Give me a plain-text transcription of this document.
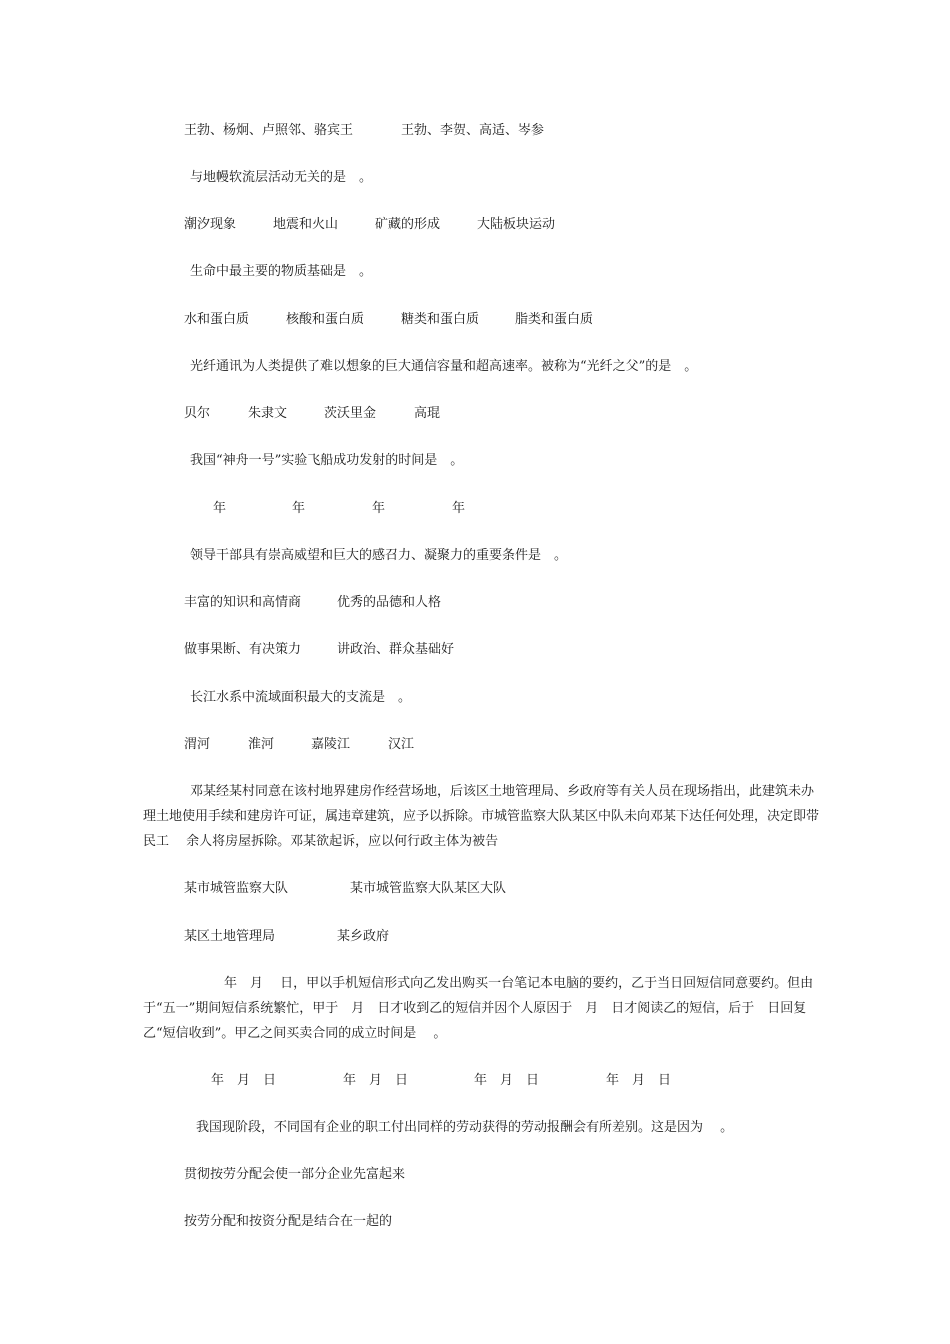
王勃、杨炯、卢照邻、骆宾王	王勃、李贺、高适、岑参
与地幔软流层活动无关的是　。
潮汐现象	地震和火山	矿藏的形成	大陆板块运动
生命中最主要的物质基础是　。
水和蛋白质	核酸和蛋白质	糖类和蛋白质	脂类和蛋白质
光纤通讯为人类提供了难以想象的巨大通信容量和超高速率。被称为“光纤之父”的是　。
贝尔	朱隶文	茨沃里金	高琨
我国“神舟一号”实验飞船成功发射的时间是　。
年	年	年	年
领导干部具有崇高威望和巨大的感召力、凝聚力的重要条件是　。
丰富的知识和高情商	优秀的品德和人格
做事果断、有决策力	讲政治、群众基础好
长江水系中流域面积最大的支流是　。
渭河	淮河	嘉陵江	汉江
邓某经某村同意在该村地界建房作经营场地，后该区土地管理局、乡政府等有关人员在现场指出，此建筑未办
理土地使用手续和建房许可证，属违章建筑，应予以拆除。市城管监察大队某区中队未向邓某下达任何处理，决定即带
民工　 余人将房屋拆除。邓某欲起诉，应以何行政主体为被告
某市城管监察大队	某市城管监察大队某区大队
某区土地管理局	某乡政府
年　月　 日，甲以手机短信形式向乙发出购买一台笔记本电脑的要约，乙于当日回短信同意要约。但由
于“五一”期间短信系统繁忙，甲于　月　日才收到乙的短信并因个人原因于　月　日才阅读乙的短信，后于　日回复
乙“短信收到”。甲乙之间买卖合同的成立时间是　 。
年　月　日	年　月　日	年　月　日	年　月　日
我国现阶段，不同国有企业的职工付出同样的劳动获得的劳动报酬会有所差别。这是因为　 。
贯彻按劳分配会使一部分企业先富起来
按劳分配和按资分配是结合在一起的
